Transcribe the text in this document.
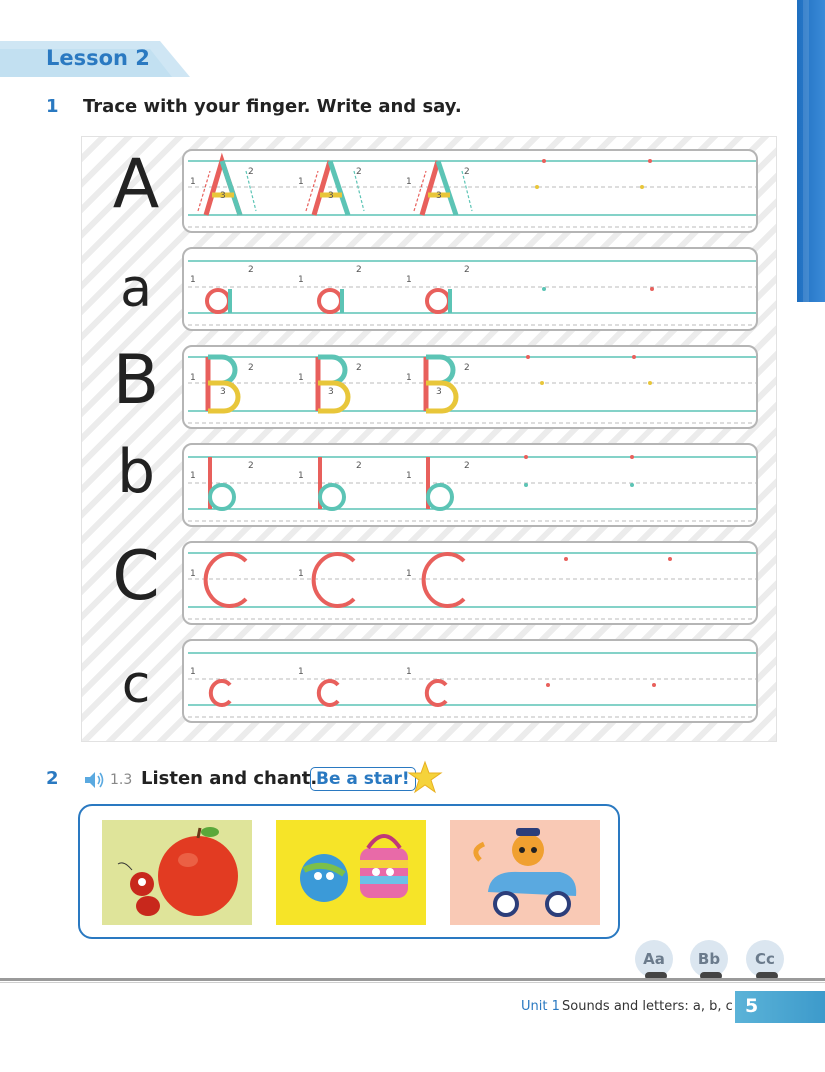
Lesson 2
1 Trace with your finger. Write and say.
A
a
B
b
C
c
1
2
3
1
2
3
1
2
3
1
2
1
2
1
2
1
2
3
1
2
3
1
2
3
1
2
1
2
1
2
1	1	1
1	1	1
2	1.3 Listen and chant.
Be a star!
Aa	Bb	Cc
Unit 1 Sounds and letters: a, b, c 5
